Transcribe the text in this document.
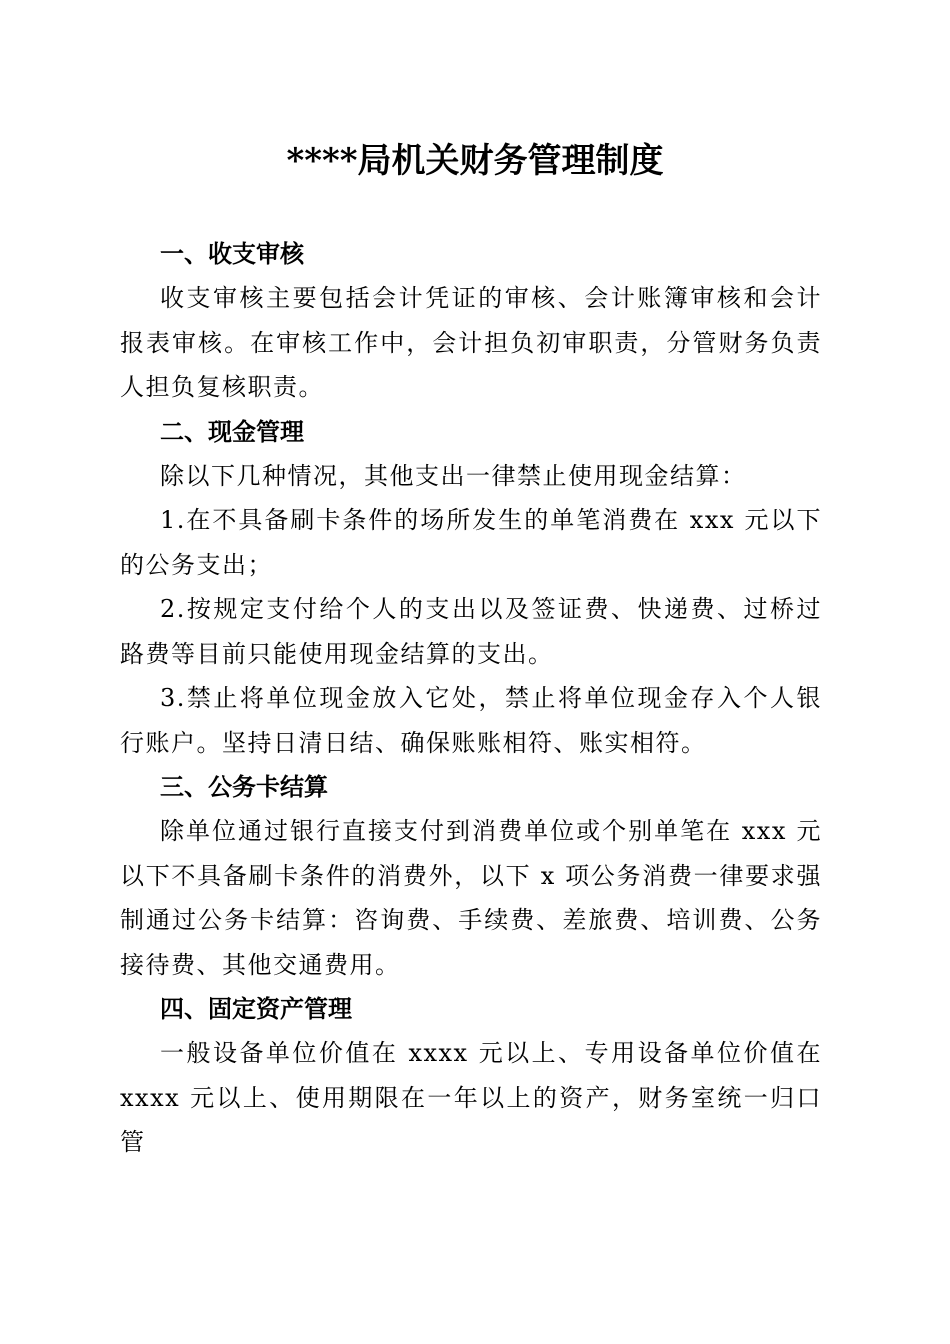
****局机关财务管理制度
一、收支审核

收支审核主要包括会计凭证的审核、会计账簿审核和会计报表审核。在审核工作中，会计担负初审职责，分管财务负责人担负复核职责。

二、现金管理

除以下几种情况，其他支出一律禁止使用现金结算：

1.在不具备刷卡条件的场所发生的单笔消费在 xxx 元以下的公务支出；

2.按规定支付给个人的支出以及签证费、快递费、过桥过路费等目前只能使用现金结算的支出。

3.禁止将单位现金放入它处，禁止将单位现金存入个人银行账户。坚持日清日结、确保账账相符、账实相符。

三、公务卡结算

除单位通过银行直接支付到消费单位或个别单笔在 xxx 元以下不具备刷卡条件的消费外，以下 x 项公务消费一律要求强制通过公务卡结算：咨询费、手续费、差旅费、培训费、公务接待费、其他交通费用。

四、固定资产管理

一般设备单位价值在 xxxx 元以上、专用设备单位价值在 xxxx 元以上、使用期限在一年以上的资产，财务室统一归口管
